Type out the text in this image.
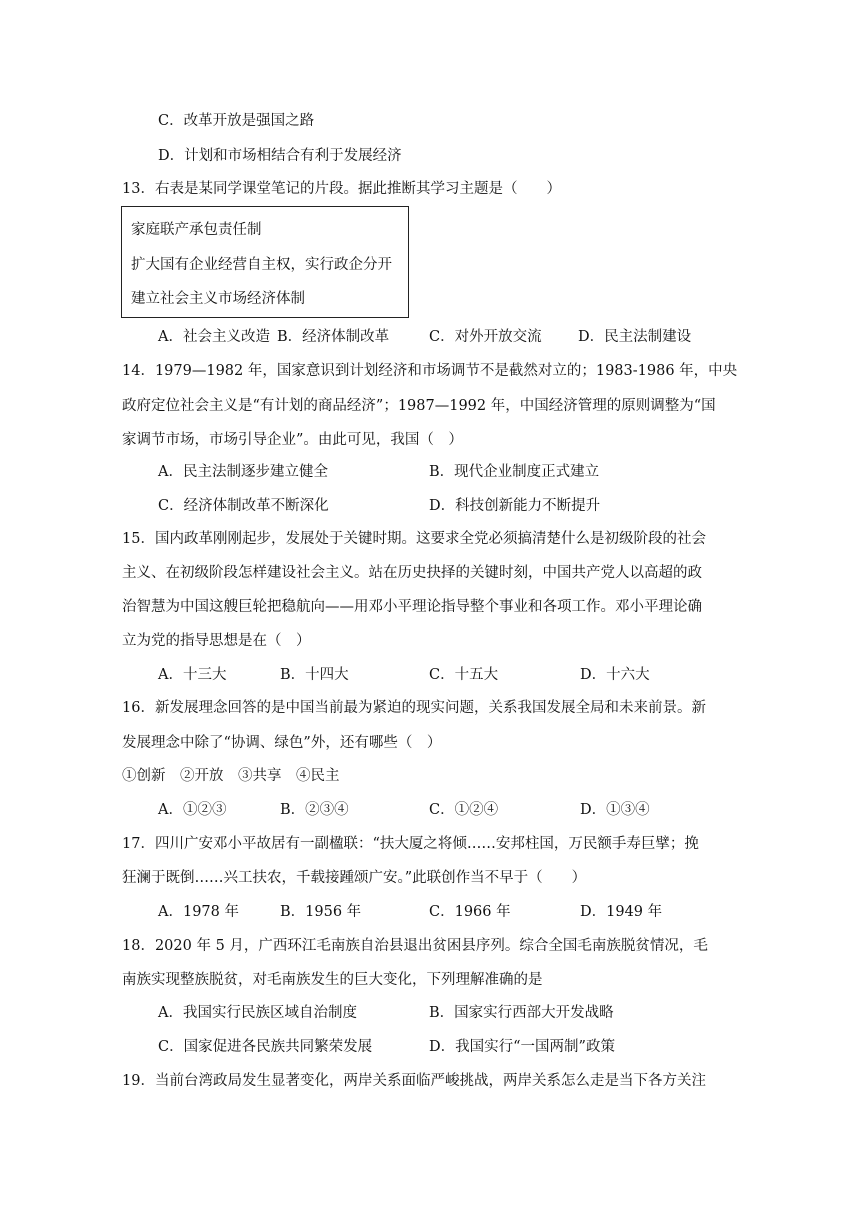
C．改革开放是强国之路
D．计划和市场相结合有利于发展经济
13．右表是某同学课堂笔记的片段。据此推断其学习主题是（　　）
家庭联产承包责任制
扩大国有企业经营自主权，实行政企分开
建立社会主义市场经济体制
A．社会主义改造 B．经济体制改革	C．对外开放交流	D．民主法制建设
14．1979—1982 年，国家意识到计划经济和市场调节不是截然对立的；1983-1986 年，中央
政府定位社会主义是“有计划的商品经济”；1987—1992 年，中国经济管理的原则调整为“国
家调节市场，市场引导企业”。由此可见，我国（　）
A．民主法制逐步建立健全	B．现代企业制度正式建立
C．经济体制改革不断深化	D．科技创新能力不断提升
15．国内政革刚刚起步，发展处于关键时期。这要求全党必须搞清楚什么是初级阶段的社会
主义、在初级阶段怎样建设社会主义。站在历史抉择的关键时刻，中国共产党人以高超的政
治智慧为中国这艘巨轮把稳航向——用邓小平理论指导整个事业和各项工作。邓小平理论确
立为党的指导思想是在（　）
A．十三大	B．十四大	C．十五大	D．十六大
16．新发展理念回答的是中国当前最为紧迫的现实问题，关系我国发展全局和未来前景。新
发展理念中除了“协调、绿色”外，还有哪些（　）
①创新　②开放　③共享　④民主
A．①②③	B．②③④	C．①②④	D．①③④
17．四川广安邓小平故居有一副楹联：“扶大厦之将倾……安邦柱国，万民额手寿巨擘；挽
狂澜于既倒……兴工扶农，千载接踵颂广安。”此联创作当不早于（　　）
A．1978 年	B．1956 年	C．1966 年	D．1949 年
18．2020 年 5 月，广西环江毛南族自治县退出贫困县序列。综合全国毛南族脱贫情况，毛
南族实现整族脱贫，对毛南族发生的巨大变化，下列理解准确的是
A．我国实行民族区域自治制度	B．国家实行西部大开发战略
C．国家促进各民族共同繁荣发展	D．我国实行“一国两制”政策
19．当前台湾政局发生显著变化，两岸关系面临严峻挑战，两岸关系怎么走是当下各方关注
